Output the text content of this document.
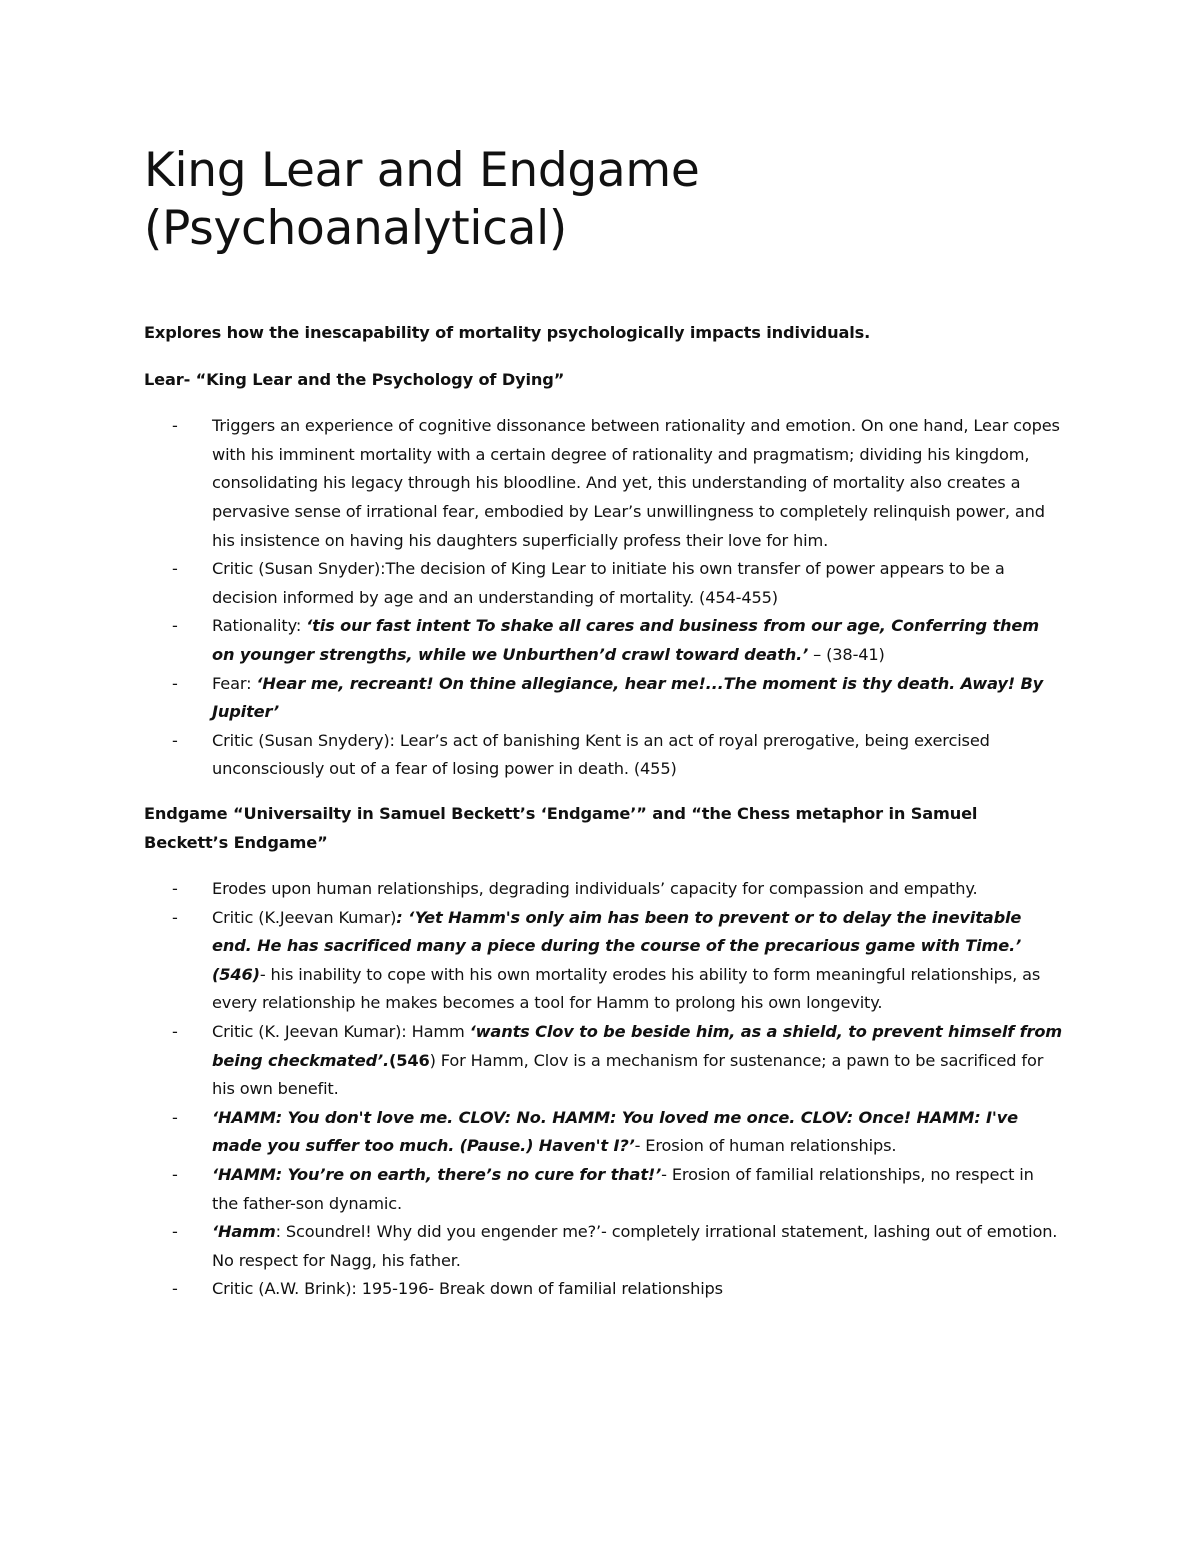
King Lear and Endgame
(Psychoanalytical)

Explores how the inescapability of mortality psychologically impacts individuals.

Lear- “King Lear and the Psychology of Dying”

- Triggers an experience of cognitive dissonance between rationality and emotion. On one hand, Lear copes with his imminent mortality with a certain degree of rationality and pragmatism; dividing his kingdom, consolidating his legacy through his bloodline. And yet, this understanding of mortality also creates a pervasive sense of irrational fear, embodied by Lear’s unwillingness to completely relinquish power, and his insistence on having his daughters superficially profess their love for him.
- Critic (Susan Snyder):The decision of King Lear to initiate his own transfer of power appears to be a decision informed by age and an understanding of mortality. (454-455)
- Rationality: ‘tis our fast intent To shake all cares and business from our age, Conferring them on younger strengths, while we Unburthen’d crawl toward death.’ – (38-41)
- Fear: ‘Hear me, recreant! On thine allegiance, hear me!...The moment is thy death. Away! By Jupiter’
- Critic (Susan Snydery): Lear’s act of banishing Kent is an act of royal prerogative, being exercised unconsciously out of a fear of losing power in death. (455)

Endgame “Universailty in Samuel Beckett’s ‘Endgame’” and “the Chess metaphor in Samuel Beckett’s Endgame”

- Erodes upon human relationships, degrading individuals’ capacity for compassion and empathy.
- Critic (K.Jeevan Kumar): ‘Yet Hamm's only aim has been to prevent or to delay the inevitable end. He has sacrificed many a piece during the course of the precarious game with Time.’ (546)- his inability to cope with his own mortality erodes his ability to form meaningful relationships, as every relationship he makes becomes a tool for Hamm to prolong his own longevity.
- Critic (K. Jeevan Kumar): Hamm ‘wants Clov to be beside him, as a shield, to prevent himself from being checkmated’.(546) For Hamm, Clov is a mechanism for sustenance; a pawn to be sacrificed for his own benefit.
- ‘HAMM: You don't love me. CLOV: No. HAMM: You loved me once. CLOV: Once! HAMM: I've made you suffer too much. (Pause.) Haven't I?’- Erosion of human relationships.
- ‘HAMM: You’re on earth, there’s no cure for that!’- Erosion of familial relationships, no respect in the father-son dynamic.
- ‘Hamm: Scoundrel! Why did you engender me?’- completely irrational statement, lashing out of emotion. No respect for Nagg, his father.
- Critic (A.W. Brink): 195-196- Break down of familial relationships
